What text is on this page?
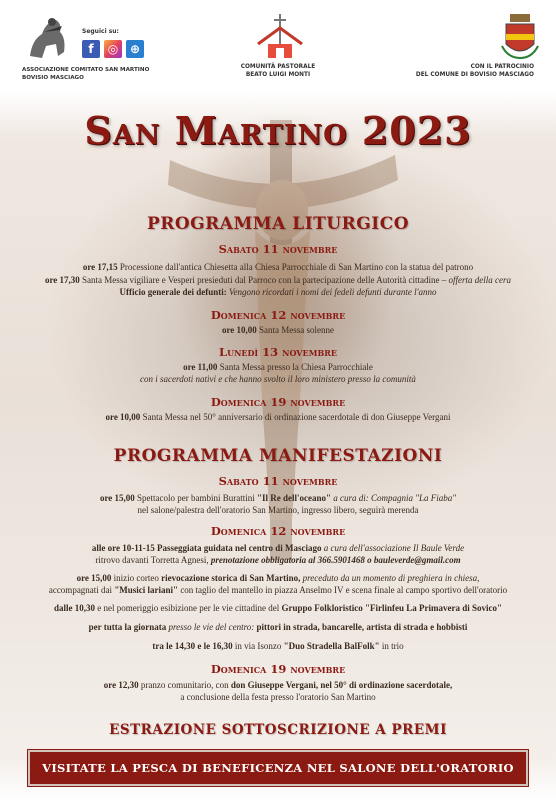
Seguici su:
f	◎ ⊕
ASSOCIAZIONE COMITATO SAN MARTINO
BOVISIO MASCIAGO
COMUNITÀ PASTORALE
BEATO LUIGI MONTI
CON IL PATROCINIO
DEL COMUNE DI BOVISIO MASCIAGO
San Martino 2023
PROGRAMMA LITURGICO
Sabato 11 novembre
ore 17,15 Processione dall'antica Chiesetta alla Chiesa Parrocchiale di San Martino con la statua del patrono
ore 17,30 Santa Messa vigiliare e Vesperi presieduti dal Parroco con la partecipazione delle Autorità cittadine – offerta della cera
Ufficio generale dei defunti: Vengono ricordati i nomi dei fedeli defunti durante l'anno
Domenica 12 novembre
ore 10,00 Santa Messa solenne
Lunedì 13 novembre
ore 11,00 Santa Messa presso la Chiesa Parrocchiale
con i sacerdoti nativi e che hanno svolto il loro ministero presso la comunità
Domenica 19 novembre
ore 10,00 Santa Messa nel 50° anniversario di ordinazione sacerdotale di don Giuseppe Vergani
PROGRAMMA MANIFESTAZIONI
Sabato 11 novembre
ore 15,00 Spettacolo per bambini Burattini "Il Re dell'oceano" a cura di: Compagnia "La Fiaba"
nel salone/palestra dell'oratorio San Martino, ingresso libero, seguirà merenda
Domenica 12 novembre
alle ore 10-11-15 Passeggiata guidata nel centro di Masciago a cura dell'associazione Il Baule Verde
ritrovo davanti Torretta Agnesi, prenotazione obbligatoria al 366.5901468 o bauleverde@gmail.com
ore 15,00 inizio corteo rievocazione storica di San Martino, preceduto da un momento di preghiera in chiesa,
accompagnati dai "Musici lariani" con taglio del mantello in piazza Anselmo IV e scena finale al campo sportivo dell'oratorio
dalle 10,30 e nel pomeriggio esibizione per le vie cittadine del Gruppo Folkloristico "Firlinfeu La Primavera di Sovico"
per tutta la giornata presso le vie del centro: pittori in strada, bancarelle, artista di strada e hobbisti
tra le 14,30 e le 16,30 in via Isonzo "Duo Stradella BalFolk" in trio
Domenica 19 novembre
ore 12,30 pranzo comunitario, con don Giuseppe Vergani, nel 50° di ordinazione sacerdotale,
a conclusione della festa presso l'oratorio San Martino
ESTRAZIONE SOTTOSCRIZIONE A PREMI
VISITATE LA PESCA DI BENEFICENZA NEL SALONE DELL'ORATORIO
